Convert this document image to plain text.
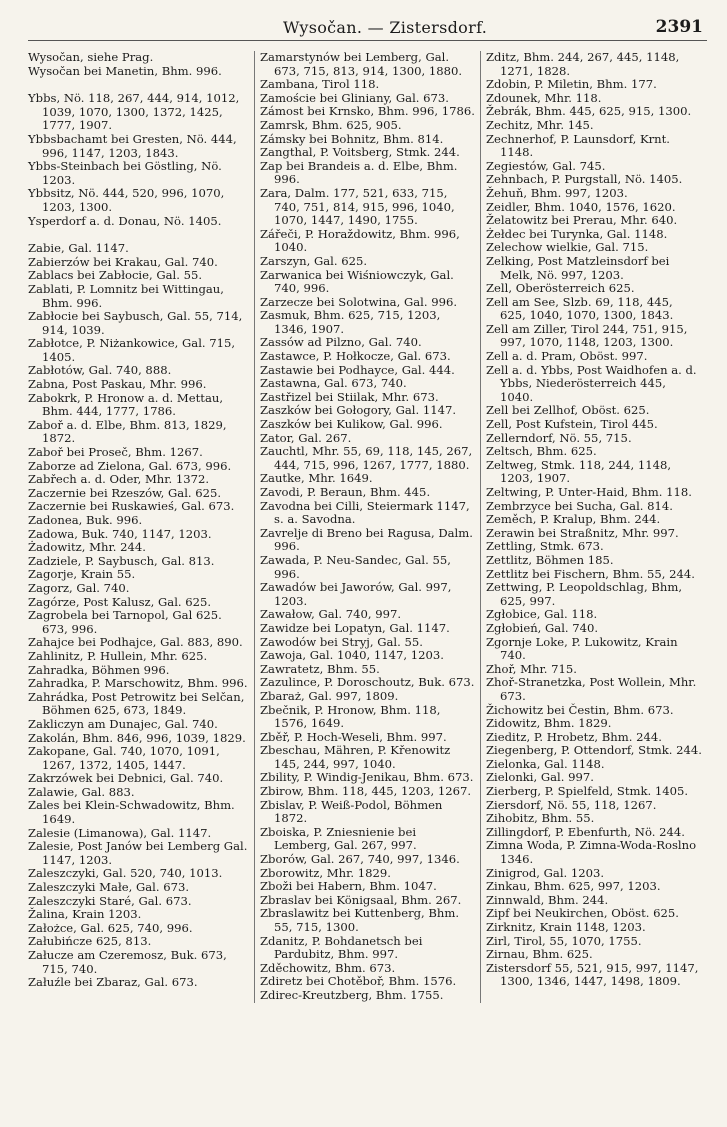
Wysočan. — Zistersdorf.	2391
Wysočan, siehe Prag.
Wysočan bei Manetin, Bhm. 996.
Ybbs, Nö. 118, 267, 444, 914, 1012, 1039, 1070, 1300, 1372, 1425, 1777, 1907.
Ybbsbachamt bei Gresten, Nö. 444, 996, 1147, 1203, 1843.
Ybbs-Steinbach bei Göstling, Nö. 1203.
Ybbsitz, Nö. 444, 520, 996, 1070, 1203, 1300.
Ysperdorf a. d. Donau, Nö. 1405.
Zabie, Gal. 1147.
Zabierzów bei Krakau, Gal. 740.
Zablacs bei Zabłocie, Gal. 55.
Zablati, P. Lomnitz bei Wittingau, Bhm. 996.
Zabłocie bei Saybusch, Gal. 55, 714, 914, 1039.
Zabłotce, P. Niżankowice, Gal. 715, 1405.
Zabłotów, Gal. 740, 888.
Zabna, Post Paskau, Mhr. 996.
Zabokrk, P. Hronow a. d. Mettau, Bhm. 444, 1777, 1786.
Zaboř a. d. Elbe, Bhm. 813, 1829, 1872.
Zaboř bei Proseč, Bhm. 1267.
Zaborze ad Zielona, Gal. 673, 996.
Zabřech a. d. Oder, Mhr. 1372.
Zaczernie bei Rzeszów, Gal. 625.
Zaczernie bei Ruskawieś, Gal. 673.
Zadonea, Buk. 996.
Zadowa, Buk. 740, 1147, 1203.
Żadowitz, Mhr. 244.
Zadziele, P. Saybusch, Gal. 813.
Zagorje, Krain 55.
Zagorz, Gal. 740.
Zagórze, Post Kalusz, Gal. 625.
Zagrobela bei Tarnopol, Gal 625. 673, 996.
Zahajce bei Podhajce, Gal. 883, 890.
Zahlinitz, P. Hullein, Mhr. 625.
Zahradka, Böhmen 996.
Zahradka, P. Marschowitz, Bhm. 996.
Zahrádka, Post Petrowitz bei Selčan, Böhmen 625, 673, 1849.
Zakliczyn am Dunajec, Gal. 740.
Zakolán, Bhm. 846, 996, 1039, 1829.
Zakopane, Gal. 740, 1070, 1091, 1267, 1372, 1405, 1447.
Zakrzówek bei Debnici, Gal. 740.
Zalawie, Gal. 883.
Zales bei Klein-Schwadowitz, Bhm. 1649.
Zalesie (Limanowa), Gal. 1147.
Zalesie, Post Janów bei Lemberg Gal. 1147, 1203.
Zaleszczyki, Gal. 520, 740, 1013.
Zaleszczyki Małe, Gal. 673.
Zaleszczyki Staré, Gal. 673.
Žalina, Krain 1203.
Założce, Gal. 625, 740, 996.
Załubińcze 625, 813.
Załucze am Czeremosz, Buk. 673, 715, 740.
Załuźle bei Zbaraz, Gal. 673.
Zamarstynów bei Lemberg, Gal. 673, 715, 813, 914, 1300, 1880.
Zambana, Tirol 118.
Zamoście bei Gliniany, Gal. 673.
Zámost bei Krnsko, Bhm. 996, 1786.
Zamrsk, Bhm. 625, 905.
Zámsky bei Bohnitz, Bhm. 814.
Zangthal, P. Voitsberg, Stmk. 244.
Zap bei Brandeis a. d. Elbe, Bhm. 996.
Zara, Dalm. 177, 521, 633, 715, 740, 751, 814, 915, 996, 1040, 1070, 1447, 1490, 1755.
Zářeči, P. Horaždowitz, Bhm. 996, 1040.
Zarszyn, Gal. 625.
Zarwanica bei Wiśniowczyk, Gal. 740, 996.
Zarzecze bei Solotwina, Gal. 996.
Zasmuk, Bhm. 625, 715, 1203, 1346, 1907.
Zassów ad Pilzno, Gal. 740.
Zastawce, P. Hołkocze, Gal. 673.
Zastawie bei Podhayce, Gal. 444.
Zastawna, Gal. 673, 740.
Zastřizel bei Stiilak, Mhr. 673.
Zaszków bei Gołogory, Gal. 1147.
Zaszków bei Kulikow, Gal. 996.
Zator, Gal. 267.
Zauchtl, Mhr. 55, 69, 118, 145, 267, 444, 715, 996, 1267, 1777, 1880.
Zautke, Mhr. 1649.
Zavodi, P. Beraun, Bhm. 445.
Zavodna bei Cilli, Steiermark 1147, s. a. Savodna.
Zavrelje di Breno bei Ragusa, Dalm. 996.
Zawada, P. Neu-Sandec, Gal. 55, 996.
Zawadów bei Jaworów, Gal. 997, 1203.
Zawałow, Gal. 740, 997.
Zawidze bei Lopatyn, Gal. 1147.
Zawodów bei Stryj, Gal. 55.
Zawoja, Gal. 1040, 1147, 1203.
Zawratetz, Bhm. 55.
Zazulince, P. Doroschoutz, Buk. 673.
Zbaraż, Gal. 997, 1809.
Zbečnik, P. Hronow, Bhm. 118, 1576, 1649.
Zběř, P. Hoch-Weseli, Bhm. 997.
Zbeschau, Mähren, P. Křenowitz 145, 244, 997, 1040.
Zbility, P. Windig-Jenikau, Bhm. 673.
Zbirow, Bhm. 118, 445, 1203, 1267.
Zbislav, P. Weiß-Podol, Böhmen 1872.
Zboiska, P. Zniesnienie bei Lemberg, Gal. 267, 997.
Zborów, Gal. 267, 740, 997, 1346.
Zborowitz, Mhr. 1829.
Zboži bei Habern, Bhm. 1047.
Zbraslav bei Königsaal, Bhm. 267.
Zbraslawitz bei Kuttenberg, Bhm. 55, 715, 1300.
Zdanitz, P. Bohdanetsch bei Pardubitz, Bhm. 997.
Zděchowitz, Bhm. 673.
Zdiretz bei Chotěboř, Bhm. 1576.
Zdirec-Kreutzberg, Bhm. 1755.
Zditz, Bhm. 244, 267, 445, 1148, 1271, 1828.
Zdobin, P. Miletin, Bhm. 177.
Zdounek, Mhr. 118.
Žebrák, Bhm. 445, 625, 915, 1300.
Zechitz, Mhr. 145.
Zechnerhof, P. Launsdorf, Krnt. 1148.
Zegiestów, Gal. 745.
Zehnbach, P. Purgstall, Nö. 1405.
Žehuň, Bhm. 997, 1203.
Zeidler, Bhm. 1040, 1576, 1620.
Želatowitz bei Prerau, Mhr. 640.
Żełdec bei Turynka, Gal. 1148.
Zelechow wielkie, Gal. 715.
Zelking, Post Matzleinsdorf bei Melk, Nö. 997, 1203.
Zell, Oberösterreich 625.
Zell am See, Slzb. 69, 118, 445, 625, 1040, 1070, 1300, 1843.
Zell am Ziller, Tirol 244, 751, 915, 997, 1070, 1148, 1203, 1300.
Zell a. d. Pram, Oböst. 997.
Zell a. d. Ybbs, Post Waidhofen a. d. Ybbs, Niederösterreich 445, 1040.
Zell bei Zellhof, Oböst. 625.
Zell, Post Kufstein, Tirol 445.
Zellerndorf, Nö. 55, 715.
Zeltsch, Bhm. 625.
Zeltweg, Stmk. 118, 244, 1148, 1203, 1907.
Zeltwing, P. Unter-Haid, Bhm. 118.
Zembrzyce bei Sucha, Gal. 814.
Zeměch, P. Kralup, Bhm. 244.
Zerawin bei Straßnitz, Mhr. 997.
Zettling, Stmk. 673.
Zettlitz, Böhmen 185.
Zettlitz bei Fischern, Bhm. 55, 244.
Zettwing, P. Leopoldschlag, Bhm, 625, 997.
Zgłobice, Gal. 118.
Zgłobień, Gal. 740.
Zgornje Loke, P. Lukowitz, Krain 740.
Zhoř, Mhr. 715.
Zhoř-Stranetzka, Post Wollein, Mhr. 673.
Žichowitz bei Čestin, Bhm. 673.
Zidowitz, Bhm. 1829.
Zieditz, P. Hrobetz, Bhm. 244.
Ziegenberg, P. Ottendorf, Stmk. 244.
Zielonka, Gal. 1148.
Zielonki, Gal. 997.
Zierberg, P. Spielfeld, Stmk. 1405.
Ziersdorf, Nö. 55, 118, 1267.
Zihobitz, Bhm. 55.
Zillingdorf, P. Ebenfurth, Nö. 244.
Zimna Woda, P. Zimna-Woda-Roslno 1346.
Zinigrod, Gal. 1203.
Zinkau, Bhm. 625, 997, 1203.
Zinnwald, Bhm. 244.
Zipf bei Neukirchen, Oböst. 625.
Zirknitz, Krain 1148, 1203.
Zirl, Tirol, 55, 1070, 1755.
Zirnau, Bhm. 625.
Zistersdorf 55, 521, 915, 997, 1147, 1300, 1346, 1447, 1498, 1809.
